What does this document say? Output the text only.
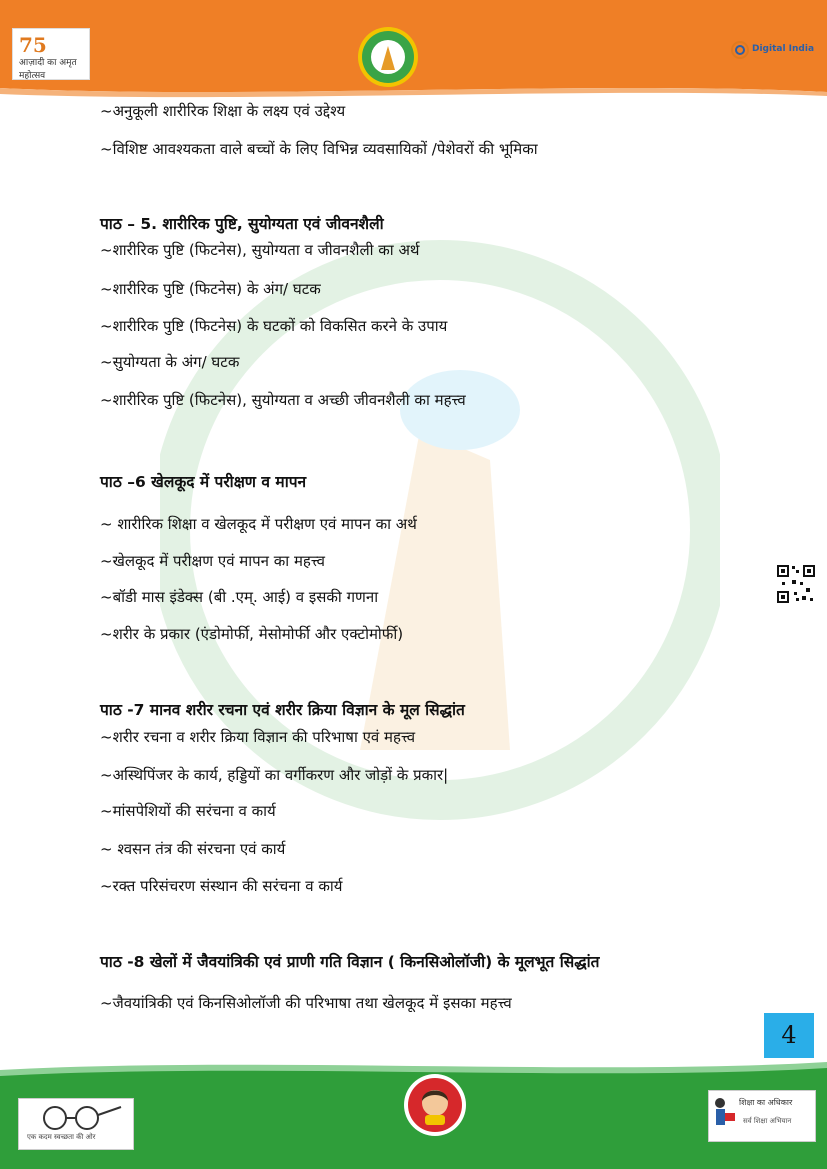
75
आज़ादी का अमृत महोत्सव
Digital India
~अनुकूली शारीरिक शिक्षा के लक्ष्य एवं उद्देश्य
~विशिष्ट आवश्यकता वाले बच्चों के लिए विभिन्न व्यवसायिकों /पेशेवरों की भूमिका
पाठ – 5. शारीरिक पुष्टि, सुयोग्यता एवं जीवनशैली
~शारीरिक पुष्टि (फिटनेस), सुयोग्यता व जीवनशैली का अर्थ
~शारीरिक पुष्टि (फिटनेस) के अंग/ घटक
~शारीरिक पुष्टि (फिटनेस) के घटकों को विकसित करने के उपाय
~सुयोग्यता के अंग/ घटक
~शारीरिक पुष्टि (फिटनेस), सुयोग्यता व अच्छी जीवनशैली का महत्त्व
पाठ –6 खेलकूद में परीक्षण व मापन
~ शारीरिक शिक्षा व खेलकूद में परीक्षण एवं मापन का अर्थ
~खेलकूद में परीक्षण एवं मापन का महत्त्व
~बॉडी मास इंडेक्स (बी .एम्. आई) व इसकी गणना
~शरीर के प्रकार (एंडोमोर्फी, मेसोमोर्फी और एक्टोमोर्फी)
पाठ -7 मानव शरीर रचना एवं शरीर क्रिया विज्ञान के मूल सिद्धांत
~शरीर रचना व शरीर क्रिया विज्ञान की परिभाषा एवं महत्त्व
~अस्थिपिंजर के कार्य, हड्डियों का वर्गीकरण और जोड़ों के प्रकार|
~मांसपेशियों की सरंचना व कार्य
~ श्वसन तंत्र की संरचना एवं कार्य
~रक्त परिसंचरण संस्थान की सरंचना व कार्य
पाठ -8 खेलों में जैवयांत्रिकी एवं प्राणी गति विज्ञान ( किनसिओलॉजी) के मूलभूत सिद्धांत
~जैवयांत्रिकी एवं किनसिओलॉजी की परिभाषा तथा खेलकूद में इसका महत्त्व
4
एक कदम स्वच्छता की ओर
शिक्षा का अधिकार
सर्व शिक्षा अभियान
